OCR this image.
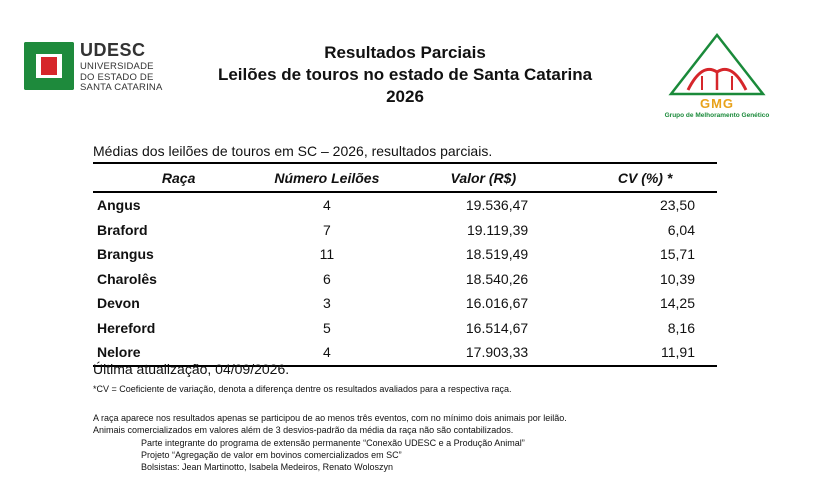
UDESC
UNIVERSIDADE
DO ESTADO DE
SANTA CATARINA
Resultados Parciais
Leilões de touros no estado de Santa Catarina
2026	GMG
Grupo de Melhoramento Genético
Médias dos leilões de touros em SC – 2026, resultados parciais.
Raça	Número Leilões	Valor (R$)	CV (%) *
Angus	4	19.536,47	23,50
Braford	7	19.119,39	6,04
Brangus	11	18.519,49	15,71
Charolês	6	18.540,26	10,39
Devon	3	16.016,67	14,25
Hereford	5	16.514,67	8,16
Nelore	4	17.903,33	11,91
Última atualização, 04/09/2026.
*CV = Coeficiente de variação, denota a diferença dentre os resultados avaliados para a respectiva raça.
A raça aparece nos resultados apenas se participou de ao menos três eventos, com no mínimo dois animais por leilão.
Animais comercializados em valores além de 3 desvios-padrão da média da raça não são contabilizados.
Parte integrante do programa de extensão permanente “Conexão UDESC e a Produção Animal”
Projeto “Agregação de valor em bovinos comercializados em SC”
Bolsistas: Jean Martinotto, Isabela Medeiros, Renato Woloszyn
